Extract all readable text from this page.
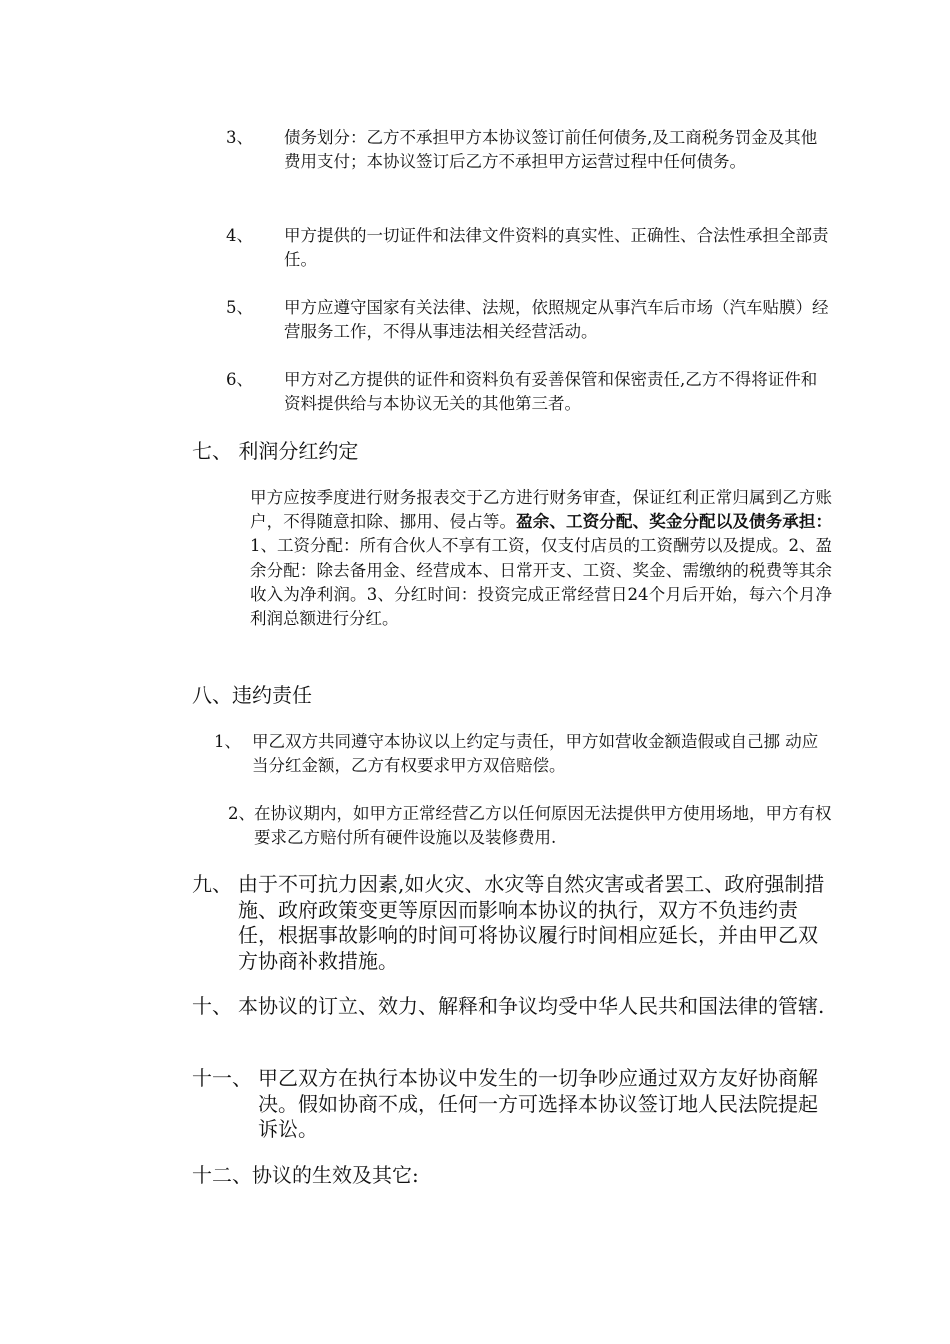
3、 债务划分：乙方不承担甲方本协议签订前任何债务,及工商税务罚金及其他费用支付；本协议签订后乙方不承担甲方运营过程中任何债务。
4、 甲方提供的一切证件和法律文件资料的真实性、正确性、合法性承担全部责任。
5、 甲方应遵守国家有关法律、法规，依照规定从事汽车后市场（汽车贴膜）经营服务工作，不得从事违法相关经营活动。
6、 甲方对乙方提供的证件和资料负有妥善保管和保密责任,乙方不得将证件和资料提供给与本协议无关的其他第三者。
七、 利润分红约定
甲方应按季度进行财务报表交于乙方进行财务审查，保证红利正常归属到乙方账户，不得随意扣除、挪用、侵占等。盈余、工资分配、奖金分配以及债务承担：1、工资分配：所有合伙人不享有工资，仅支付店员的工资酬劳以及提成。2、盈余分配：除去备用金、经营成本、日常开支、工资、奖金、需缴纳的税费等其余收入为净利润。3、分红时间：投资完成正常经营日24个月后开始，每六个月净利润总额进行分红。
八、违约责任
1、 甲乙双方共同遵守本协议以上约定与责任，甲方如营收金额造假或自己挪 动应当分红金额，乙方有权要求甲方双倍赔偿。
2、 在协议期内，如甲方正常经营乙方以任何原因无法提供甲方使用场地，甲方有权要求乙方赔付所有硬件设施以及装修费用.
九、 由于不可抗力因素,如火灾、水灾等自然灾害或者罢工、政府强制措施、政府政策变更等原因而影响本协议的执行，双方不负违约责任，根据事故影响的时间可将协议履行时间相应延长，并由甲乙双方协商补救措施。
十、 本协议的订立、效力、解释和争议均受中华人民共和国法律的管辖.
十一、 甲乙双方在执行本协议中发生的一切争吵应通过双方友好协商解决。假如协商不成，任何一方可选择本协议签订地人民法院提起诉讼。
十二、协议的生效及其它:
